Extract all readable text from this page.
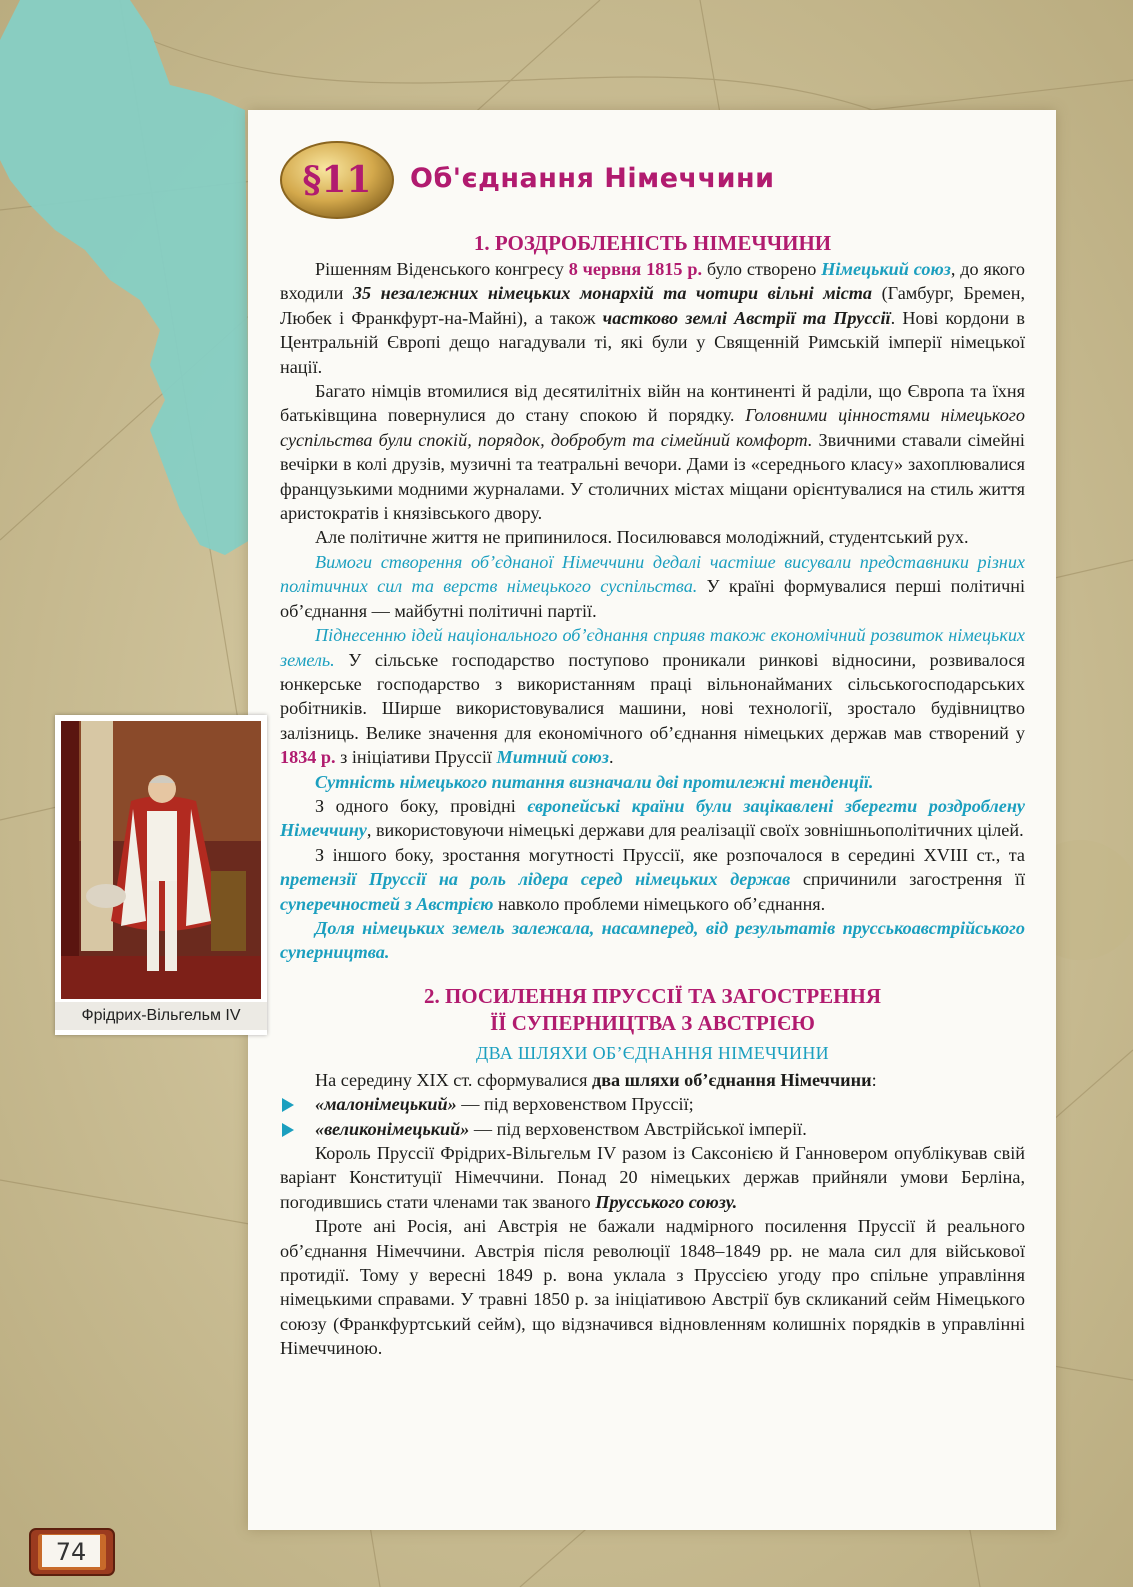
§11 Об'єднання Німеччини
1. РОЗДРОБЛЕНІСТЬ НІМЕЧЧИНИ

Рішенням Віденського конгресу 8 червня 1815 р. було створено Німецький союз, до якого входили 35 незалежних німецьких монархій та чотири вільні міста (Гамбург, Бремен, Любек і Франкфурт-на-Майні), а також частково землі Австрії та Пруссії. Нові кордони в Центральній Європі дещо нагадували ті, які були у Священній Римській імперії німецької нації.

Багато німців втомилися від десятилітніх війн на континенті й раділи, що Європа та їхня батьківщина повернулися до стану спокою й порядку. Головними цінностями німецького суспільства були спокій, порядок, добробут та сімейний комфорт. Звичними ставали сімейні вечірки в колі друзів, музичні та театральні вечори. Дами із «середнього класу» захоплювалися французькими модними журналами. У столичних містах міщани орієнтувалися на стиль життя аристократів і князівського двору.

Але політичне життя не припинилося. Посилювався молодіжний, студентський рух.

Вимоги створення об’єднаної Німеччини дедалі частіше висували представники різних політичних сил та верств німецького суспільства. У країні формувалися перші політичні об’єднання — майбутні політичні партії.

Піднесенню ідей національного об’єднання сприяв також економічний розвиток німецьких земель. У сільське господарство поступово проникали ринкові відносини, розвивалося юнкерське господарство з використанням праці вільнонайманих сільськогосподарських робітників. Ширше використовувалися машини, нові технології, зростало будівництво залізниць. Велике значення для економічного об’єднання німецьких держав мав створений у 1834 р. з ініціативи Пруссії Митний союз.

Сутність німецького питання визначали дві протилежні тенденції.

З одного боку, провідні європейські країни були зацікавлені зберегти роздроблену Німеччину, використовуючи німецькі держави для реалізації своїх зовнішньополітичних цілей.

З іншого боку, зростання могутності Пруссії, яке розпочалося в середині XVIII ст., та претензії Пруссії на роль лідера серед німецьких держав спричинили загострення її суперечностей з Австрією навколо проблеми німецького об’єднання.

Доля німецьких земель залежала, насамперед, від результатів прусськоавстрійського суперництва.

2. ПОСИЛЕННЯ ПРУССІЇ ТА ЗАГОСТРЕННЯ
ЇЇ СУПЕРНИЦТВА З АВСТРІЄЮ
ДВА ШЛЯХИ ОБ’ЄДНАННЯ НІМЕЧЧИНИ

На середину XIX ст. сформувалися два шляхи об’єднання Німеччини:

«малонімецький» — під верховенством Пруссії;
«великонімецький» — під верховенством Австрійської імперії.

Король Пруссії Фрідрих-Вільгельм IV разом із Саксонією й Ганновером опублікував свій варіант Конституції Німеччини. Понад 20 німецьких держав прийняли умови Берліна, погодившись стати членами так званого Прусського союзу.

Проте ані Росія, ані Австрія не бажали надмірного посилення Пруссії й реального об’єднання Німеччини. Австрія після революції 1848–1849 рр. не мала сил для військової протидії. Тому у вересні 1849 р. вона уклала з Пруссією угоду про спільне управління німецькими справами. У травні 1850 р. за ініціативою Австрії був скликаний сейм Німецького союзу (Франкфуртський сейм), що відзначився відновленням колишніх порядків в управлінні Німеччиною.

Фрідрих-Вільгельм IV
74
